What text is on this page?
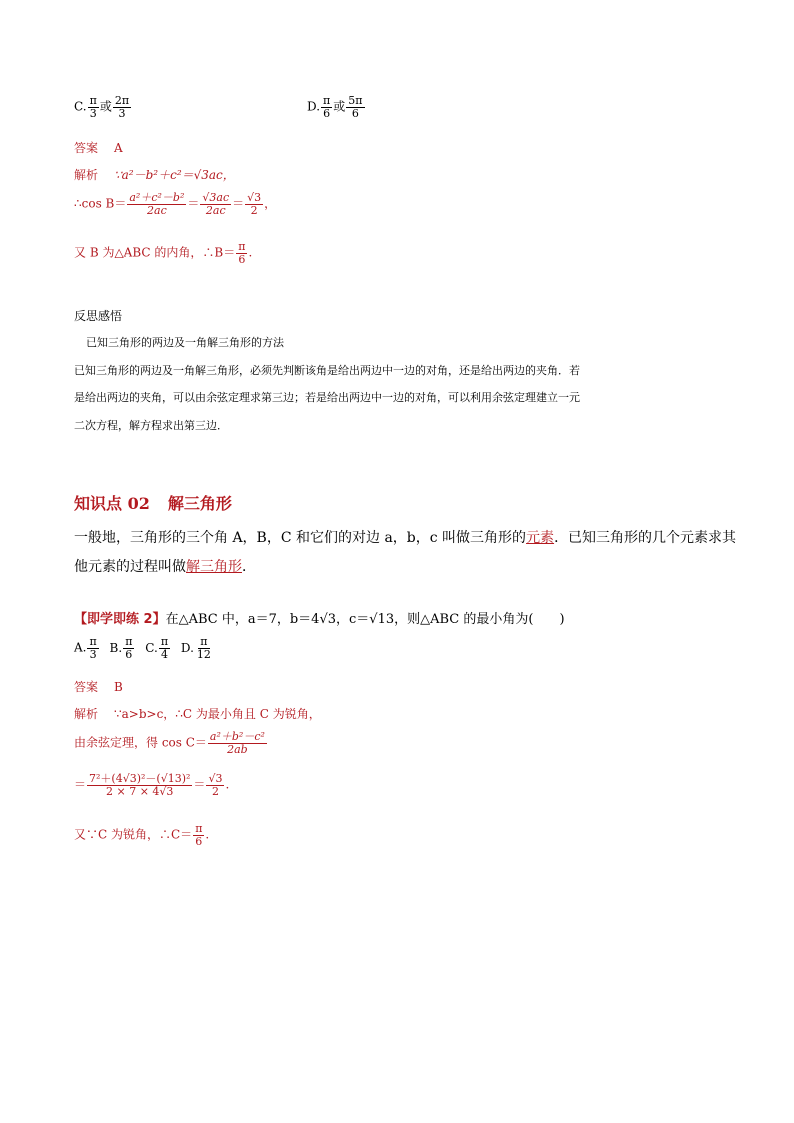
C. $\frac{\pi}{3}$ 或 $\frac{2\pi}{3}$	D. $\frac{\pi}{6}$ 或 $\frac{5\pi}{6}$
答案 A
解析 ∵a²－b²＋c²＝√3ac，
∴cos $B= \frac{\text{a²＋c²－b²}}{2ac} = \frac{√3ac}{2ac} = \frac{√3}{2}$ ，
又 B 为△ABC 的内角，∴B＝ $\frac{\pi}{6}$ .
反思感悟
已知三角形的两边及一角解三角形的方法
已知三角形的两边及一角解三角形，必须先判断该角是给出两边中一边的对角，还是给出两边的夹角．若
是给出两边的夹角，可以由余弦定理求第三边；若是给出两边中一边的对角，可以利用余弦定理建立一元
二次方程，解方程求出第三边．
知识点 02 解三角形
一般地，三角形的三个角 A，B，C 和它们的对边 a，b，c 叫做三角形的元素．已知三角形的几个元素求其
他元素的过程叫做解三角形．
【即学即练 2】在△ABC 中，a＝7，b＝4√3，c＝√13，则△ABC 的最小角为(　　)
A. $\frac{\pi}{3} B$. $\frac{\pi}{6} C$. $\frac{\pi}{4} D$. $\frac{\pi}{12}$
答案 B
解析 ∵a>b>c，∴C 为最小角且 C 为锐角，
由余弦定理，得 $\cos C= \frac{\text{a²＋b²－c²}}{2ab}$
＝ $\frac{\text{7²＋(4√3)²－(√13)²}}{2 \times 7 \times 4√3} = \frac{√3}{2}$ .
又∵C 为锐角，∴C＝ $\frac{\pi}{6}$ .
